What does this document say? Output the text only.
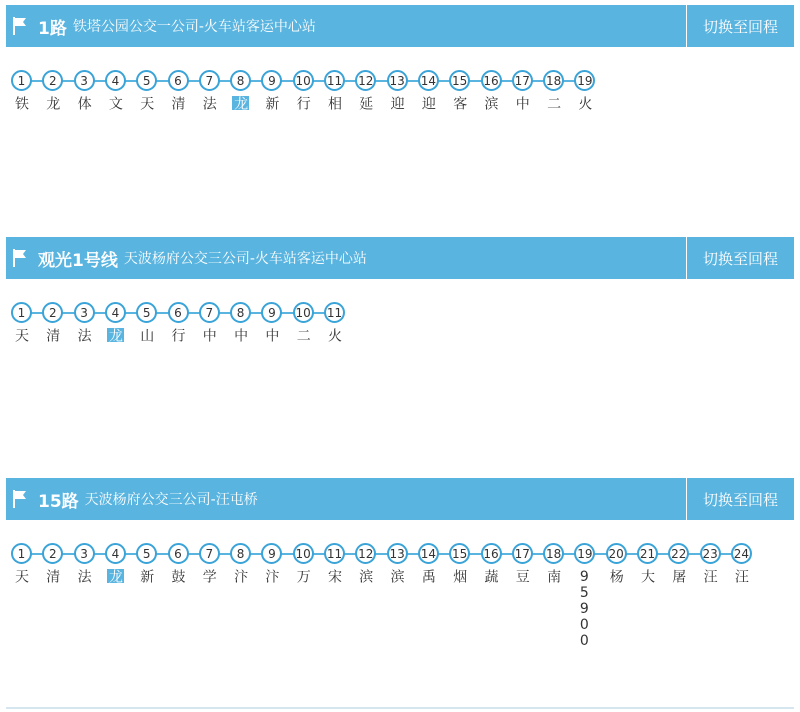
1路 铁塔公园公交一公司-火车站客运中心站	切换至回程
1
铁
2
龙
3
体
4
文
5
天
6
清
7
法
8
龙
9
新
10
行
11
相
12
延
13
迎
14
迎
15
客
16
滨
17
中
18
二
19
火
观光1号线 天波杨府公交三公司-火车站客运中心站	切换至回程
1
天
2
清
3
法
4
龙
5
山
6
行
7
中
8
中
9
中
10
二
11
火
15路 天波杨府公交三公司-汪屯桥	切换至回程
1
天
2
清
3
法
4
龙
5
新
6
鼓
7
学
8
汴
9
汴
10
万
11
宋
12
滨
13
滨
14
禹
15
烟
16
蔬
17
豆
18
南
19
95900
20
杨
21
大
22
屠
23
汪
24
汪
